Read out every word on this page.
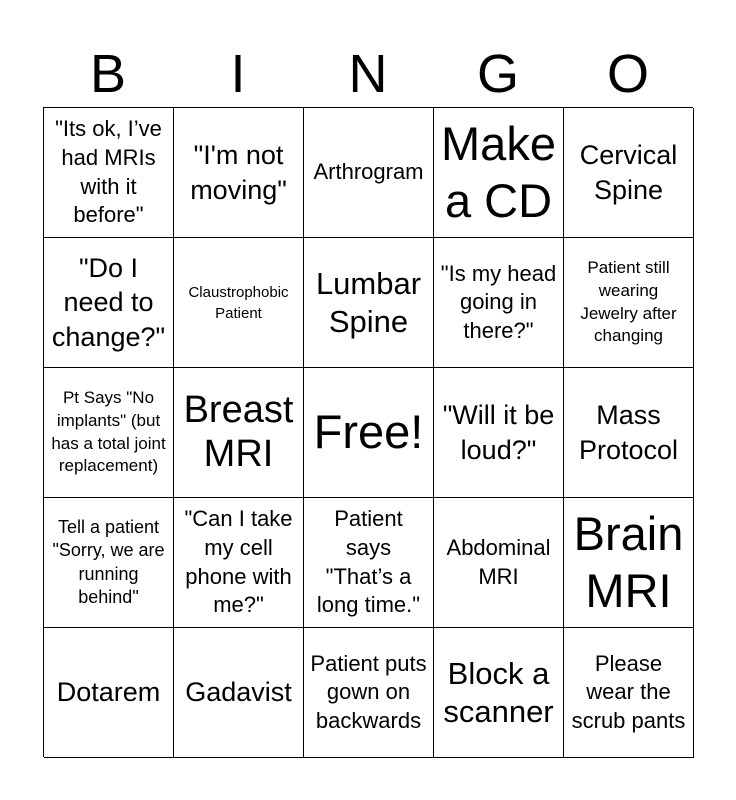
B	I	N	G	O
"Its ok, I’ve had MRIs with it before"
"I'm not moving"
Arthrogram
Make a CD
Cervical Spine
"Do I need to change?"
Claustrophobic Patient
Lumbar Spine
"Is my head going in there?"
Patient still wearing Jewelry after changing
Pt Says "No implants" (but has a total joint replacement)
Breast MRI Free! "Will it be loud?"
Mass Protocol
Tell a patient "Sorry, we are running behind"
"Can I take my cell phone with me?"
Patient says "That’s a long time."
Abdominal MRI
Brain MRI
Dotarem Gadavist
Patient puts gown on backwards
Block a scanner
Please wear the scrub pants
